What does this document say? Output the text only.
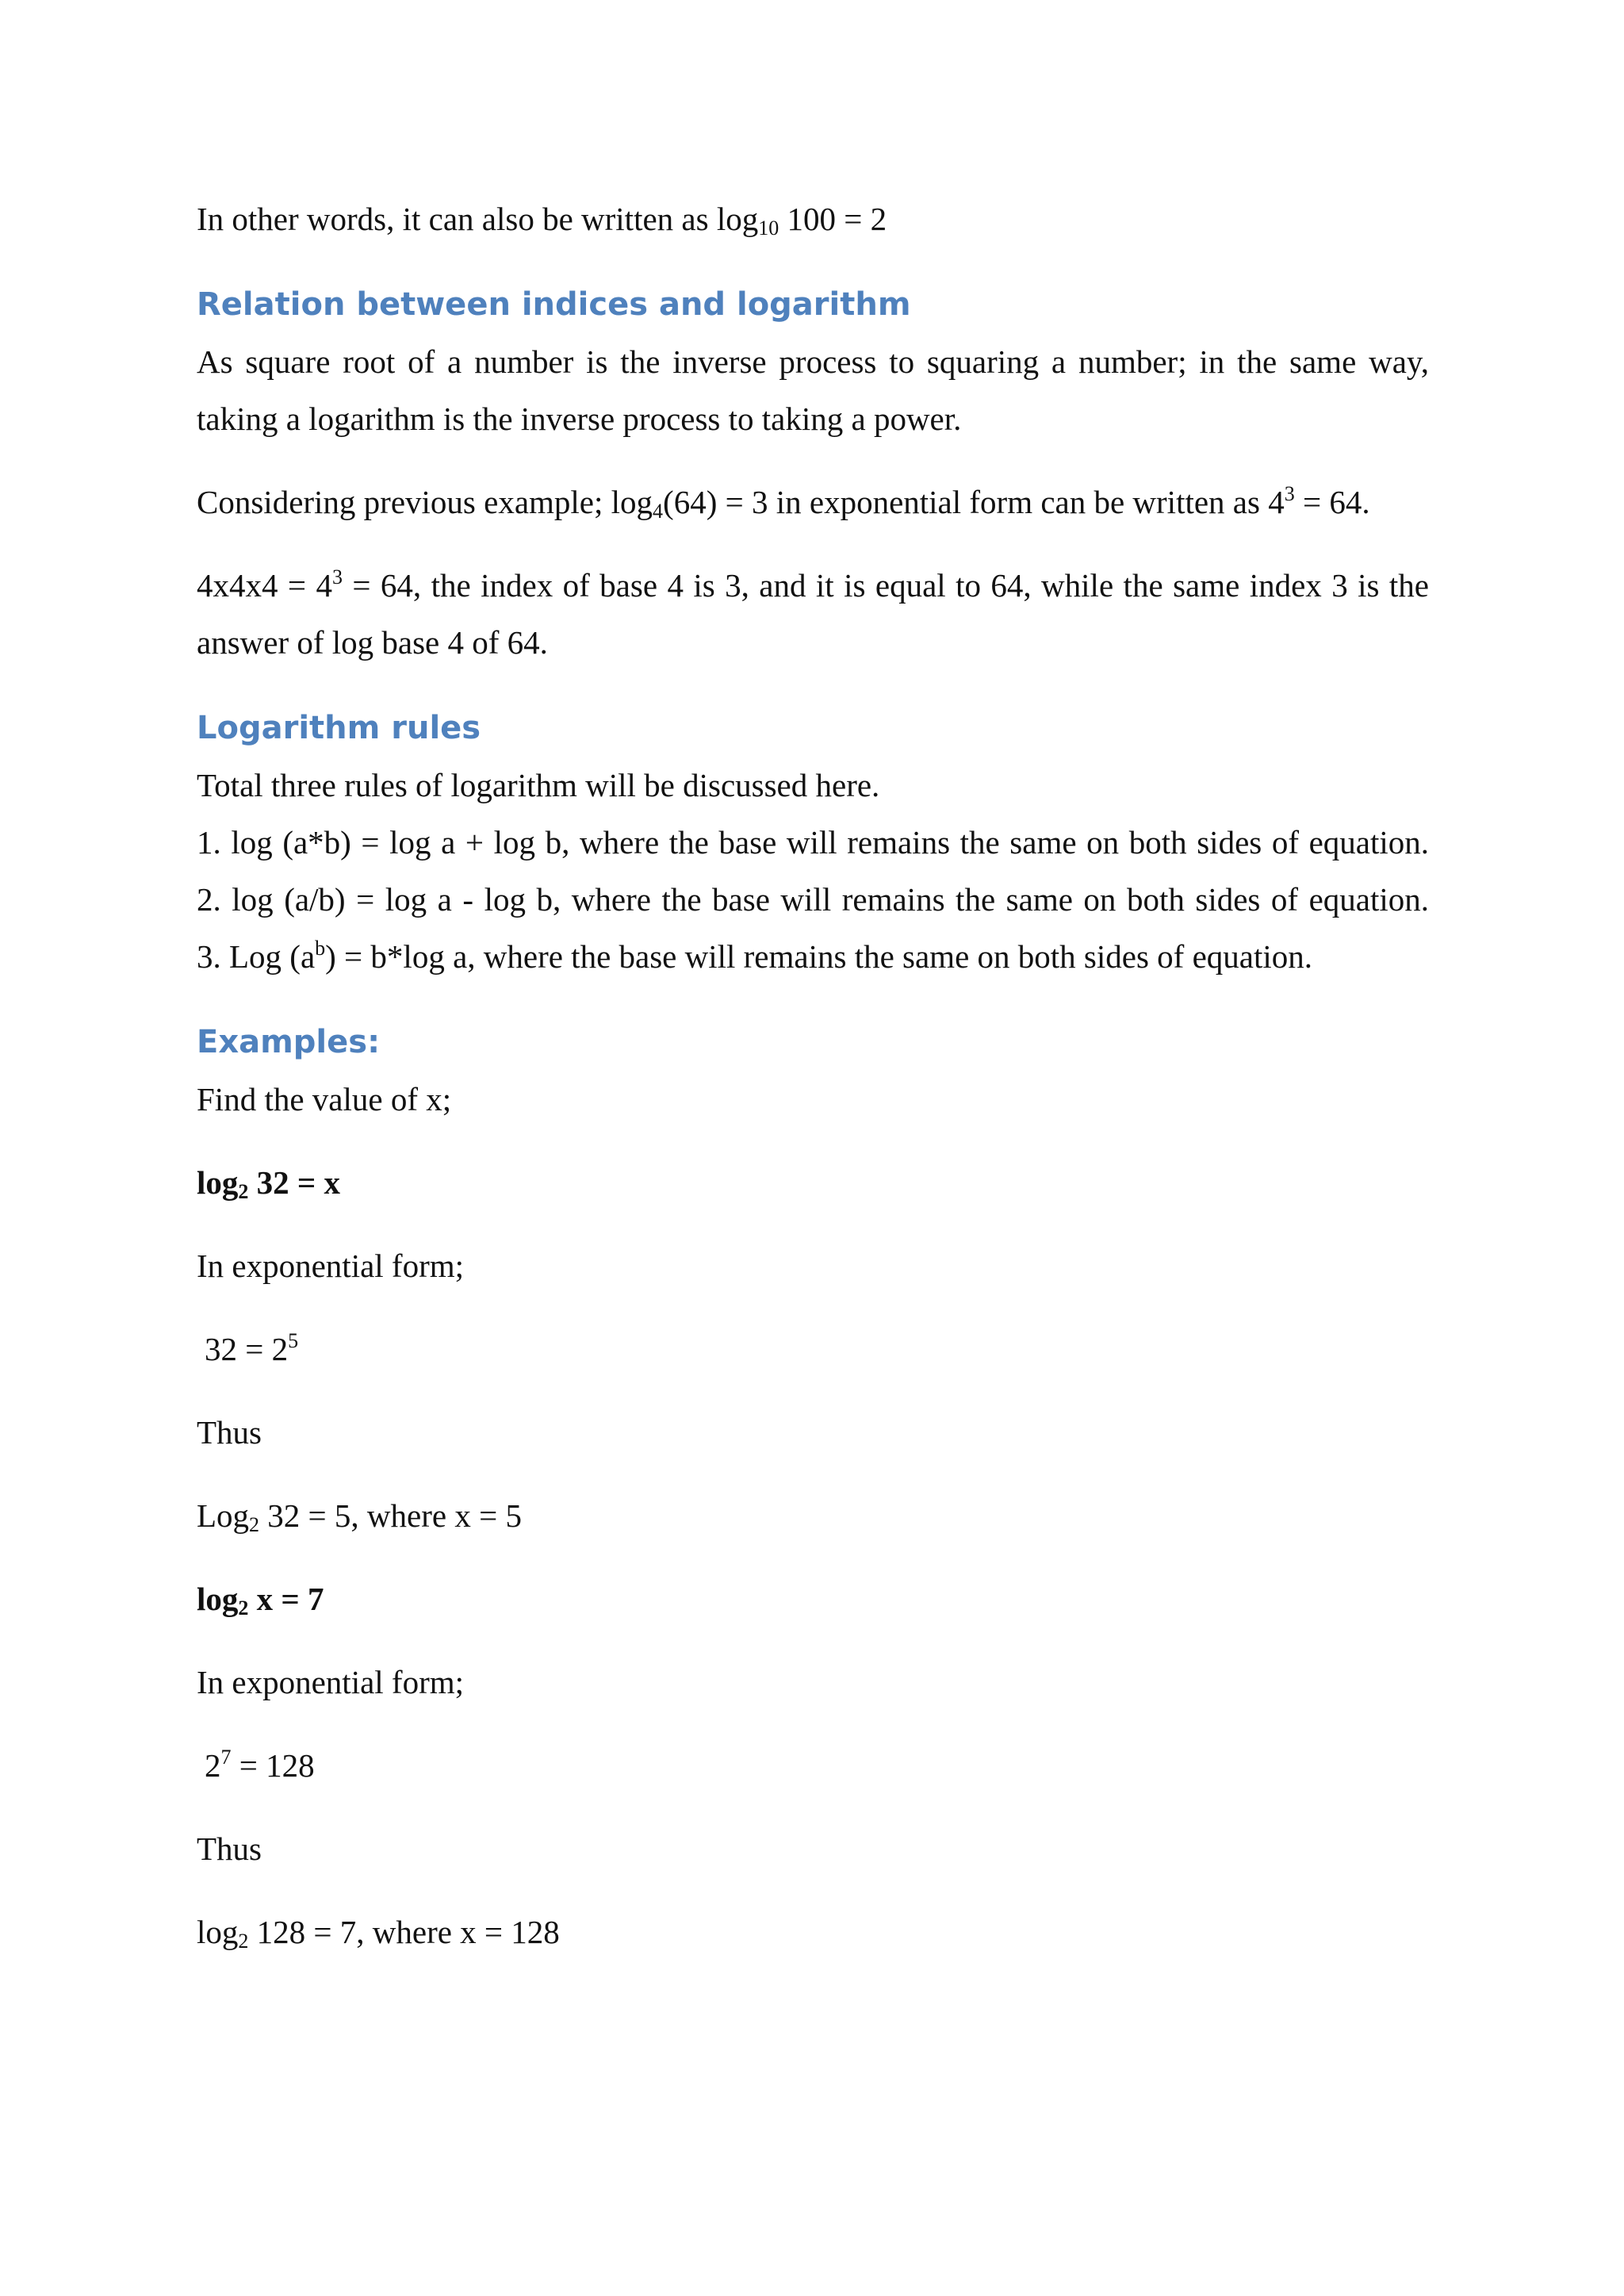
In other words, it can also be written as $\log_{10} 100 = 2$

Relation between indices and logarithm

As square root of a number is the inverse process to squaring a number; in the same way,

taking a logarithm is the inverse process to taking a power.

Considering previous example; $\log_4(64) = 3$ in exponential form can be written as $4^3 = 64$.

$4x4x4 = 4^3 = 64$, the index of base 4 is 3, and it is equal to 64, while the same index 3 is the

answer of log base 4 of 64.

Logarithm rules

Total three rules of logarithm will be discussed here.

1. log (a*b) = log a + log b, where the base will remains the same on both sides of equation.

2. log (a/b) = log a - log b, where the base will remains the same on both sides of equation.

3. Log $(a^b) = b*\log$ a, where the base will remains the same on both sides of equation.

Examples:

Find the value of x;

$\log_2 32 = x$

In exponential form;

$32 = 2^5$

Thus

Log$_2$ 32 = 5, where x = 5

$\log_2 x = 7$

In exponential form;

$2^7 = 128$

Thus

$\log_2 128 = 7$, where x = 128
